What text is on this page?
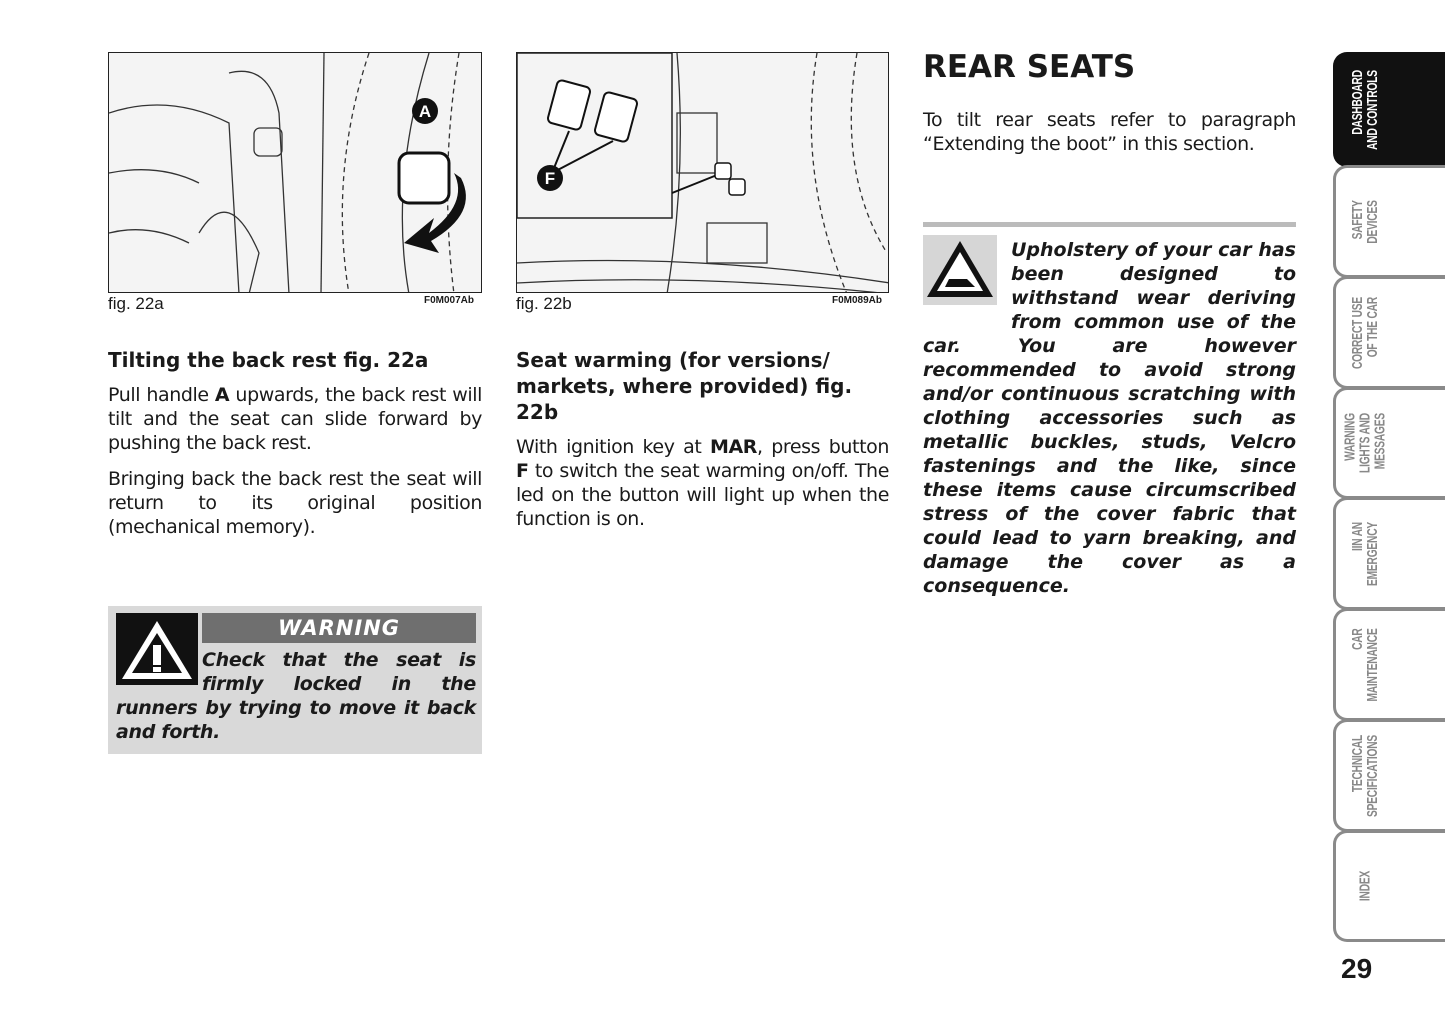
A
fig. 22a	F0M007Ab
F
fig. 22b	F0M089Ab
Tilting the back rest fig. 22a
Pull handle A upwards, the back rest will tilt and the seat can slide forward by pushing the back rest.
Bringing back the back rest the seat will return to its original position (mechanical memory).
WARNING
Check that the seat is firmly locked in the runners by trying to move it back and forth.
Seat warming (for versions/ markets, where provided) fig. 22b
With ignition key at MAR, press button F to switch the seat warming on/off. The led on the button will light up when the function is on.
REAR SEATS
To tilt rear seats refer to paragraph “Extending the boot” in this section.
Upholstery of your car has been designed to withstand wear deriving from common use of the car. You are however recommended to avoid strong and/or continuous scratching with clothing accessories such as metallic buckles, studs, Velcro fastenings and the like, since these items cause circumscribed stress of the cover fabric that could lead to yarn breaking, and damage the cover as a consequence.
DASHBOARD
AND CONTROLS
SAFETY
DEVICES
CORRECT USE
OF THE CAR
WARNING
LIGHTS AND
MESSAGES
IIN AN
EMERGENCY
CAR
MAINTENANCE
TECHNICAL
SPECIFICATIONS
INDEX
29
